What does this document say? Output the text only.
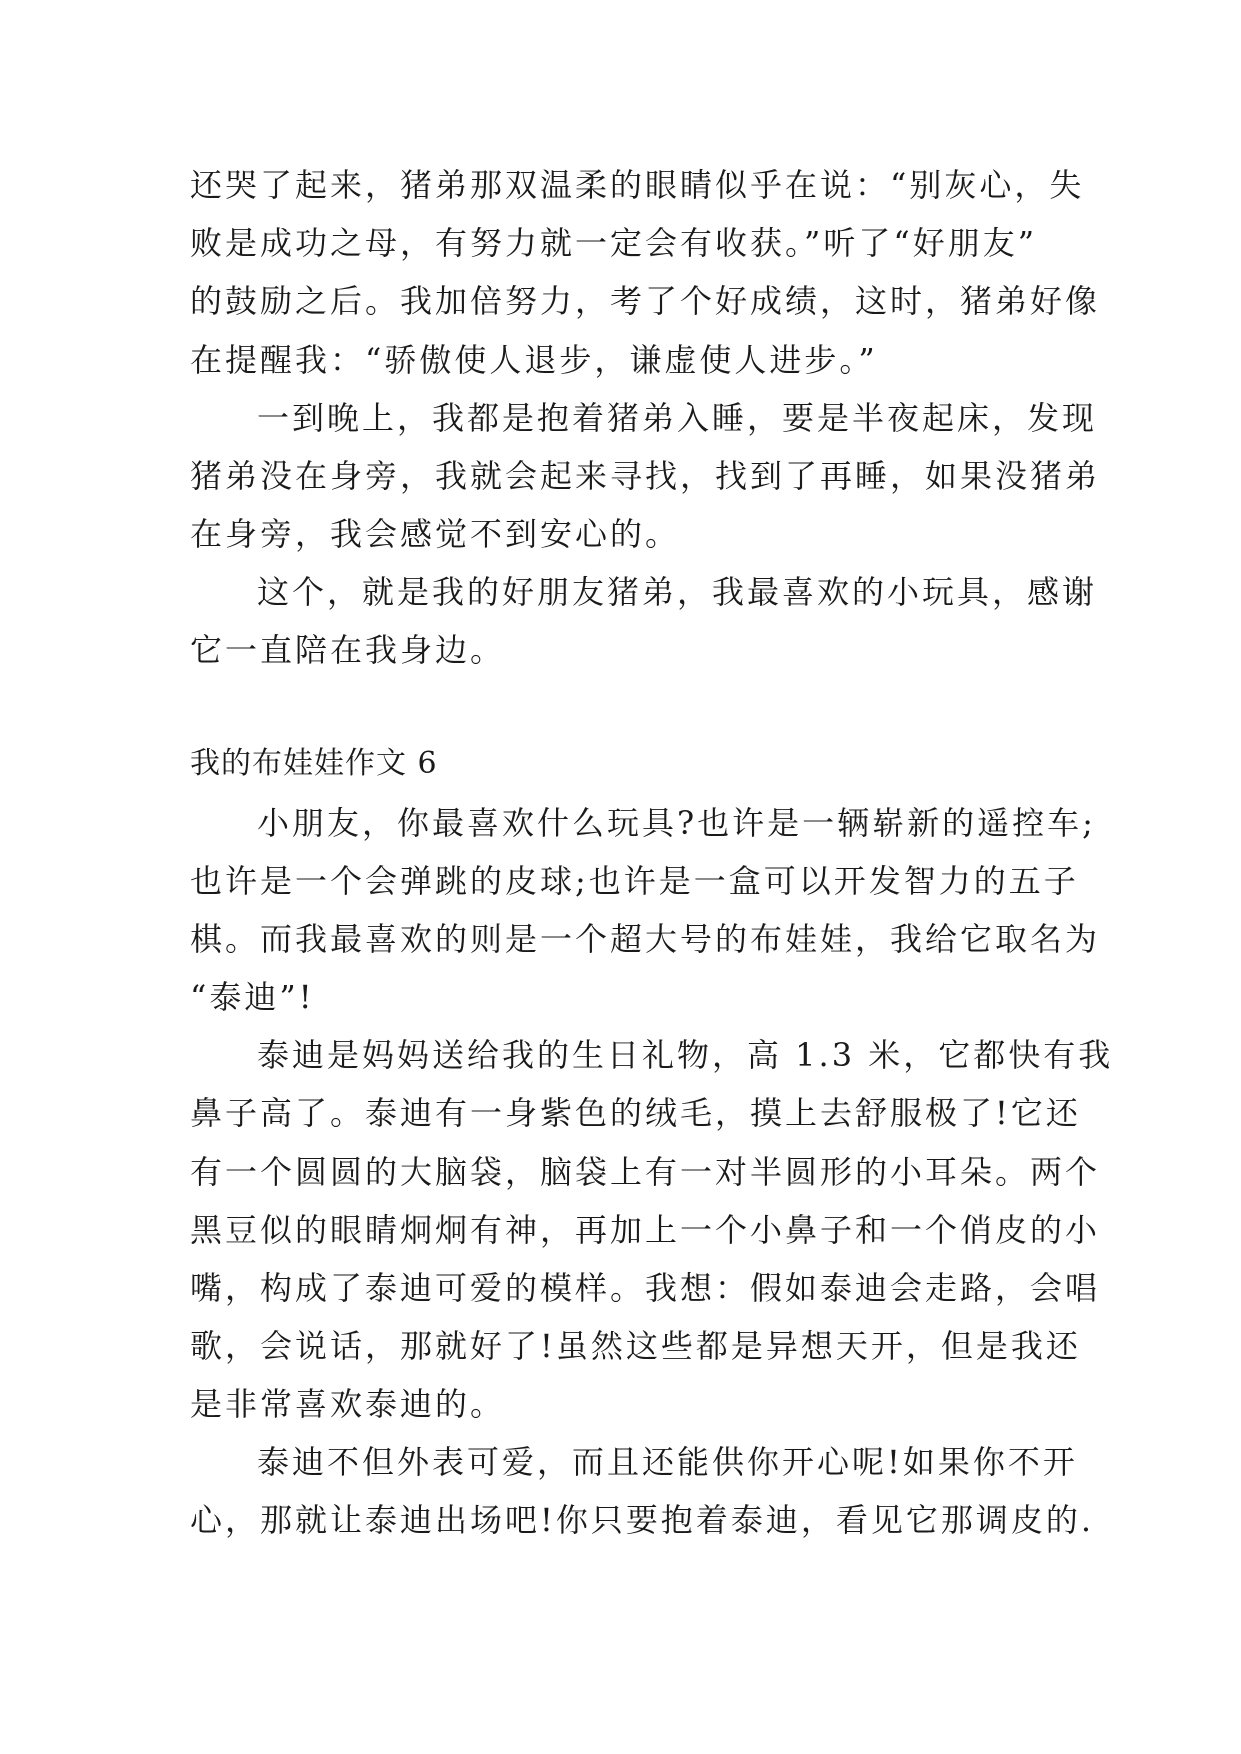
还哭了起来，猪弟那双温柔的眼睛似乎在说：“别灰心，失
败是成功之母，有努力就一定会有收获。”听了“好朋友”
的鼓励之后。我加倍努力，考了个好成绩，这时，猪弟好像
在提醒我：“骄傲使人退步，谦虚使人进步。”
一到晚上，我都是抱着猪弟入睡，要是半夜起床，发现
猪弟没在身旁，我就会起来寻找，找到了再睡，如果没猪弟
在身旁，我会感觉不到安心的。
这个，就是我的好朋友猪弟，我最喜欢的小玩具，感谢
它一直陪在我身边。
我的布娃娃作文 6
小朋友，你最喜欢什么玩具?也许是一辆崭新的遥控车;
也许是一个会弹跳的皮球;也许是一盒可以开发智力的五子
棋。而我最喜欢的则是一个超大号的布娃娃，我给它取名为
“泰迪”!
泰迪是妈妈送给我的生日礼物，高 1.3 米，它都快有我
鼻子高了。泰迪有一身紫色的绒毛，摸上去舒服极了!它还
有一个圆圆的大脑袋，脑袋上有一对半圆形的小耳朵。两个
黑豆似的眼睛炯炯有神，再加上一个小鼻子和一个俏皮的小
嘴，构成了泰迪可爱的模样。我想：假如泰迪会走路，会唱
歌，会说话，那就好了!虽然这些都是异想天开，但是我还
是非常喜欢泰迪的。
泰迪不但外表可爱，而且还能供你开心呢!如果你不开
心，那就让泰迪出场吧!你只要抱着泰迪，看见它那调皮的.
